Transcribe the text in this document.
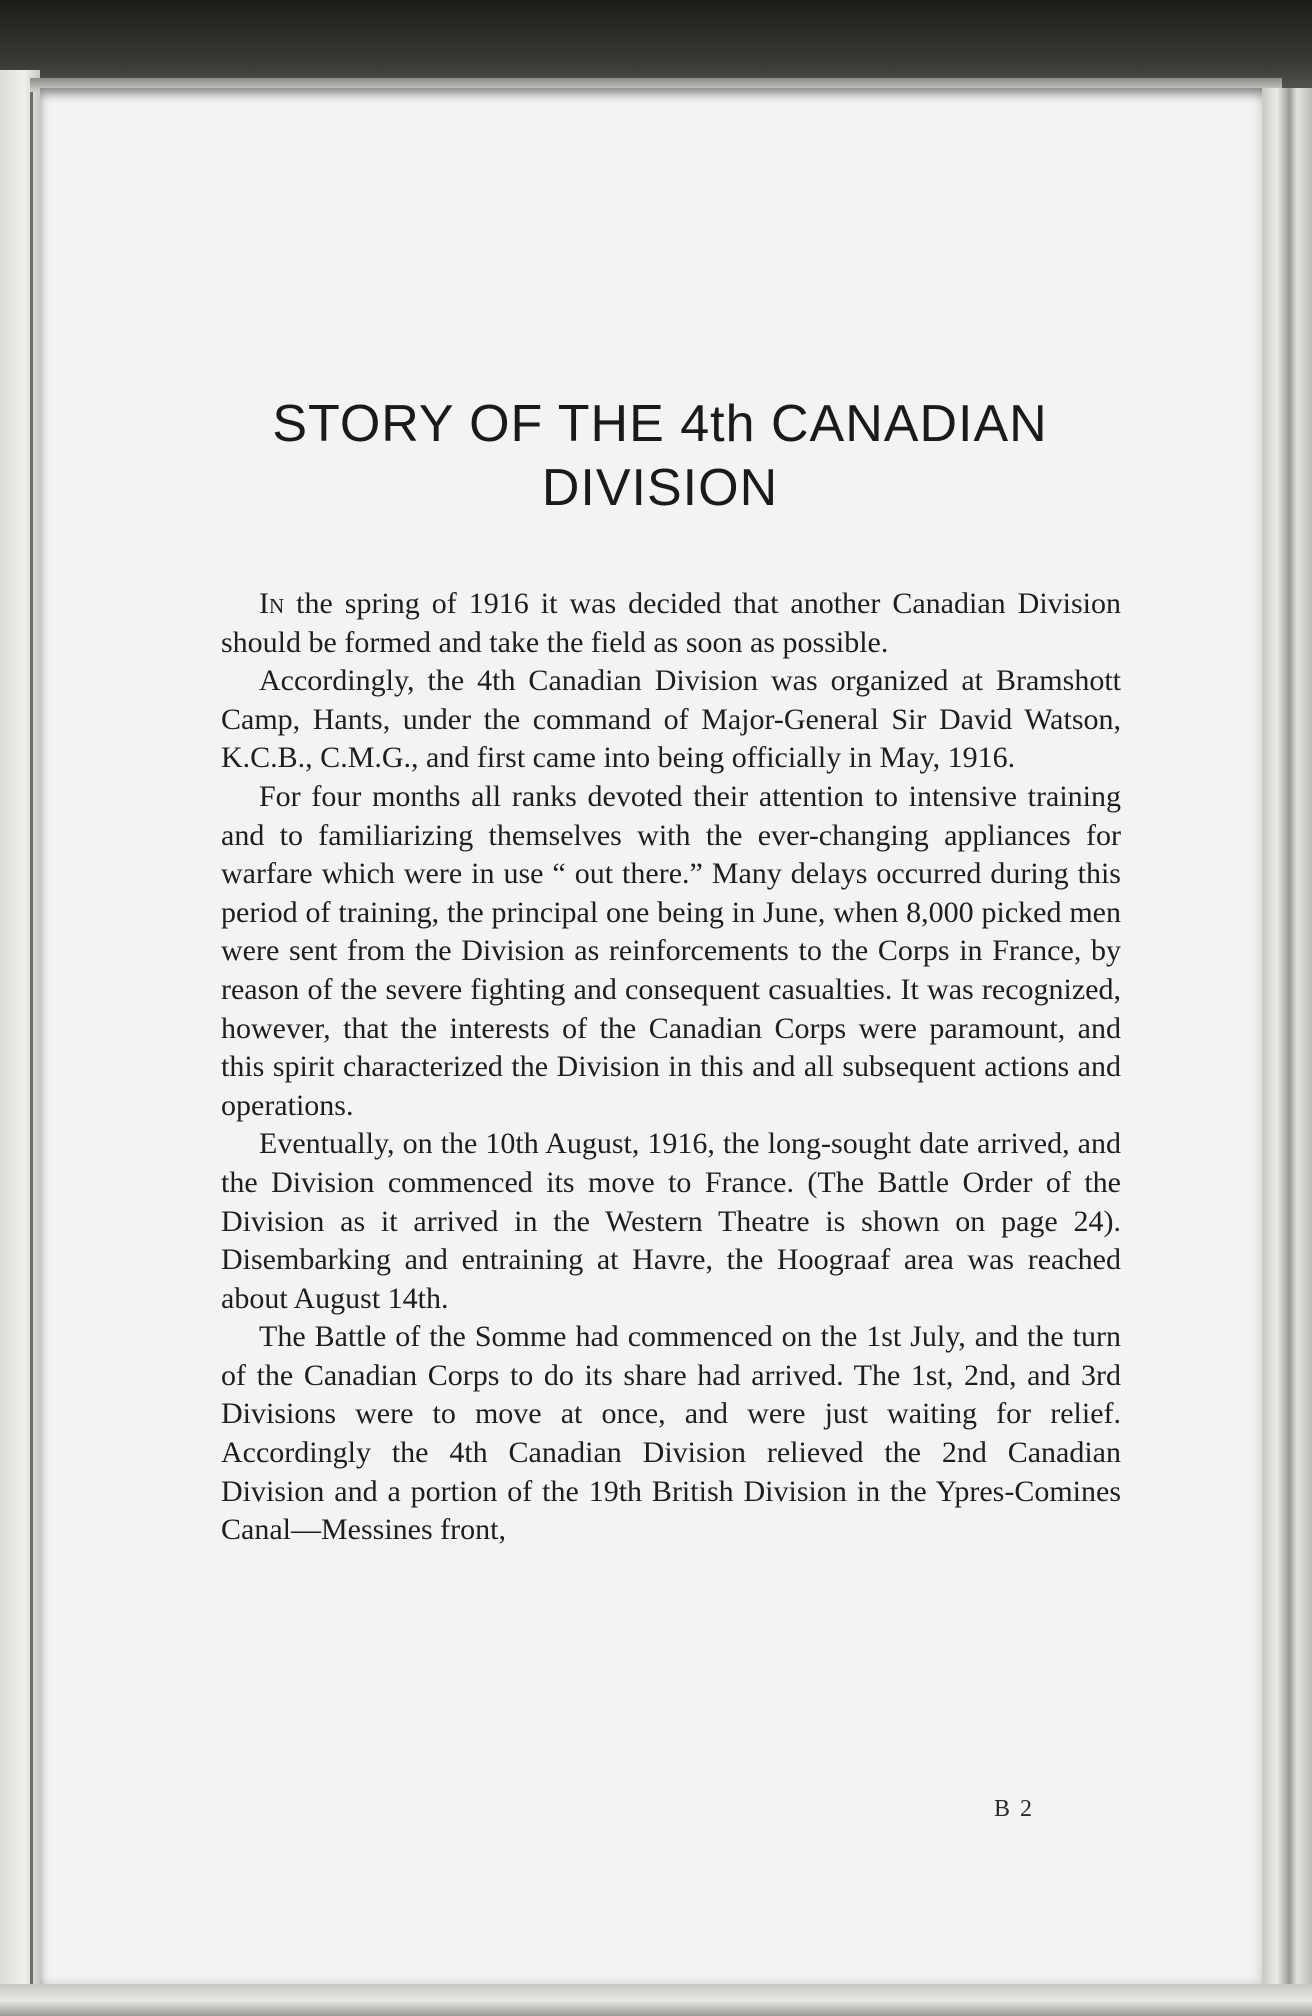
STORY OF THE 4th CANADIAN DIVISION

In the spring of 1916 it was decided that another Canadian Division should be formed and take the field as soon as possible.

Accordingly, the 4th Canadian Division was organized at Bramshott Camp, Hants, under the command of Major-General Sir David Watson, K.C.B., C.M.G., and first came into being officially in May, 1916.

For four months all ranks devoted their attention to intensive training and to familiarizing themselves with the ever-changing appliances for warfare which were in use “ out there.” Many delays occurred during this period of training, the principal one being in June, when 8,000 picked men were sent from the Division as reinforcements to the Corps in France, by reason of the severe fighting and consequent casualties. It was recognized, however, that the interests of the Canadian Corps were paramount, and this spirit characterized the Division in this and all subsequent actions and operations.

Eventually, on the 10th August, 1916, the long-sought date arrived, and the Division commenced its move to France. (The Battle Order of the Division as it arrived in the Western Theatre is shown on page 24). Disembarking and entraining at Havre, the Hoograaf area was reached about August 14th.

The Battle of the Somme had commenced on the 1st July, and the turn of the Canadian Corps to do its share had arrived. The 1st, 2nd, and 3rd Divisions were to move at once, and were just waiting for relief. Accordingly the 4th Canadian Division relieved the 2nd Canadian Division and a portion of the 19th British Division in the Ypres-Comines Canal—Messines front,

B 2
